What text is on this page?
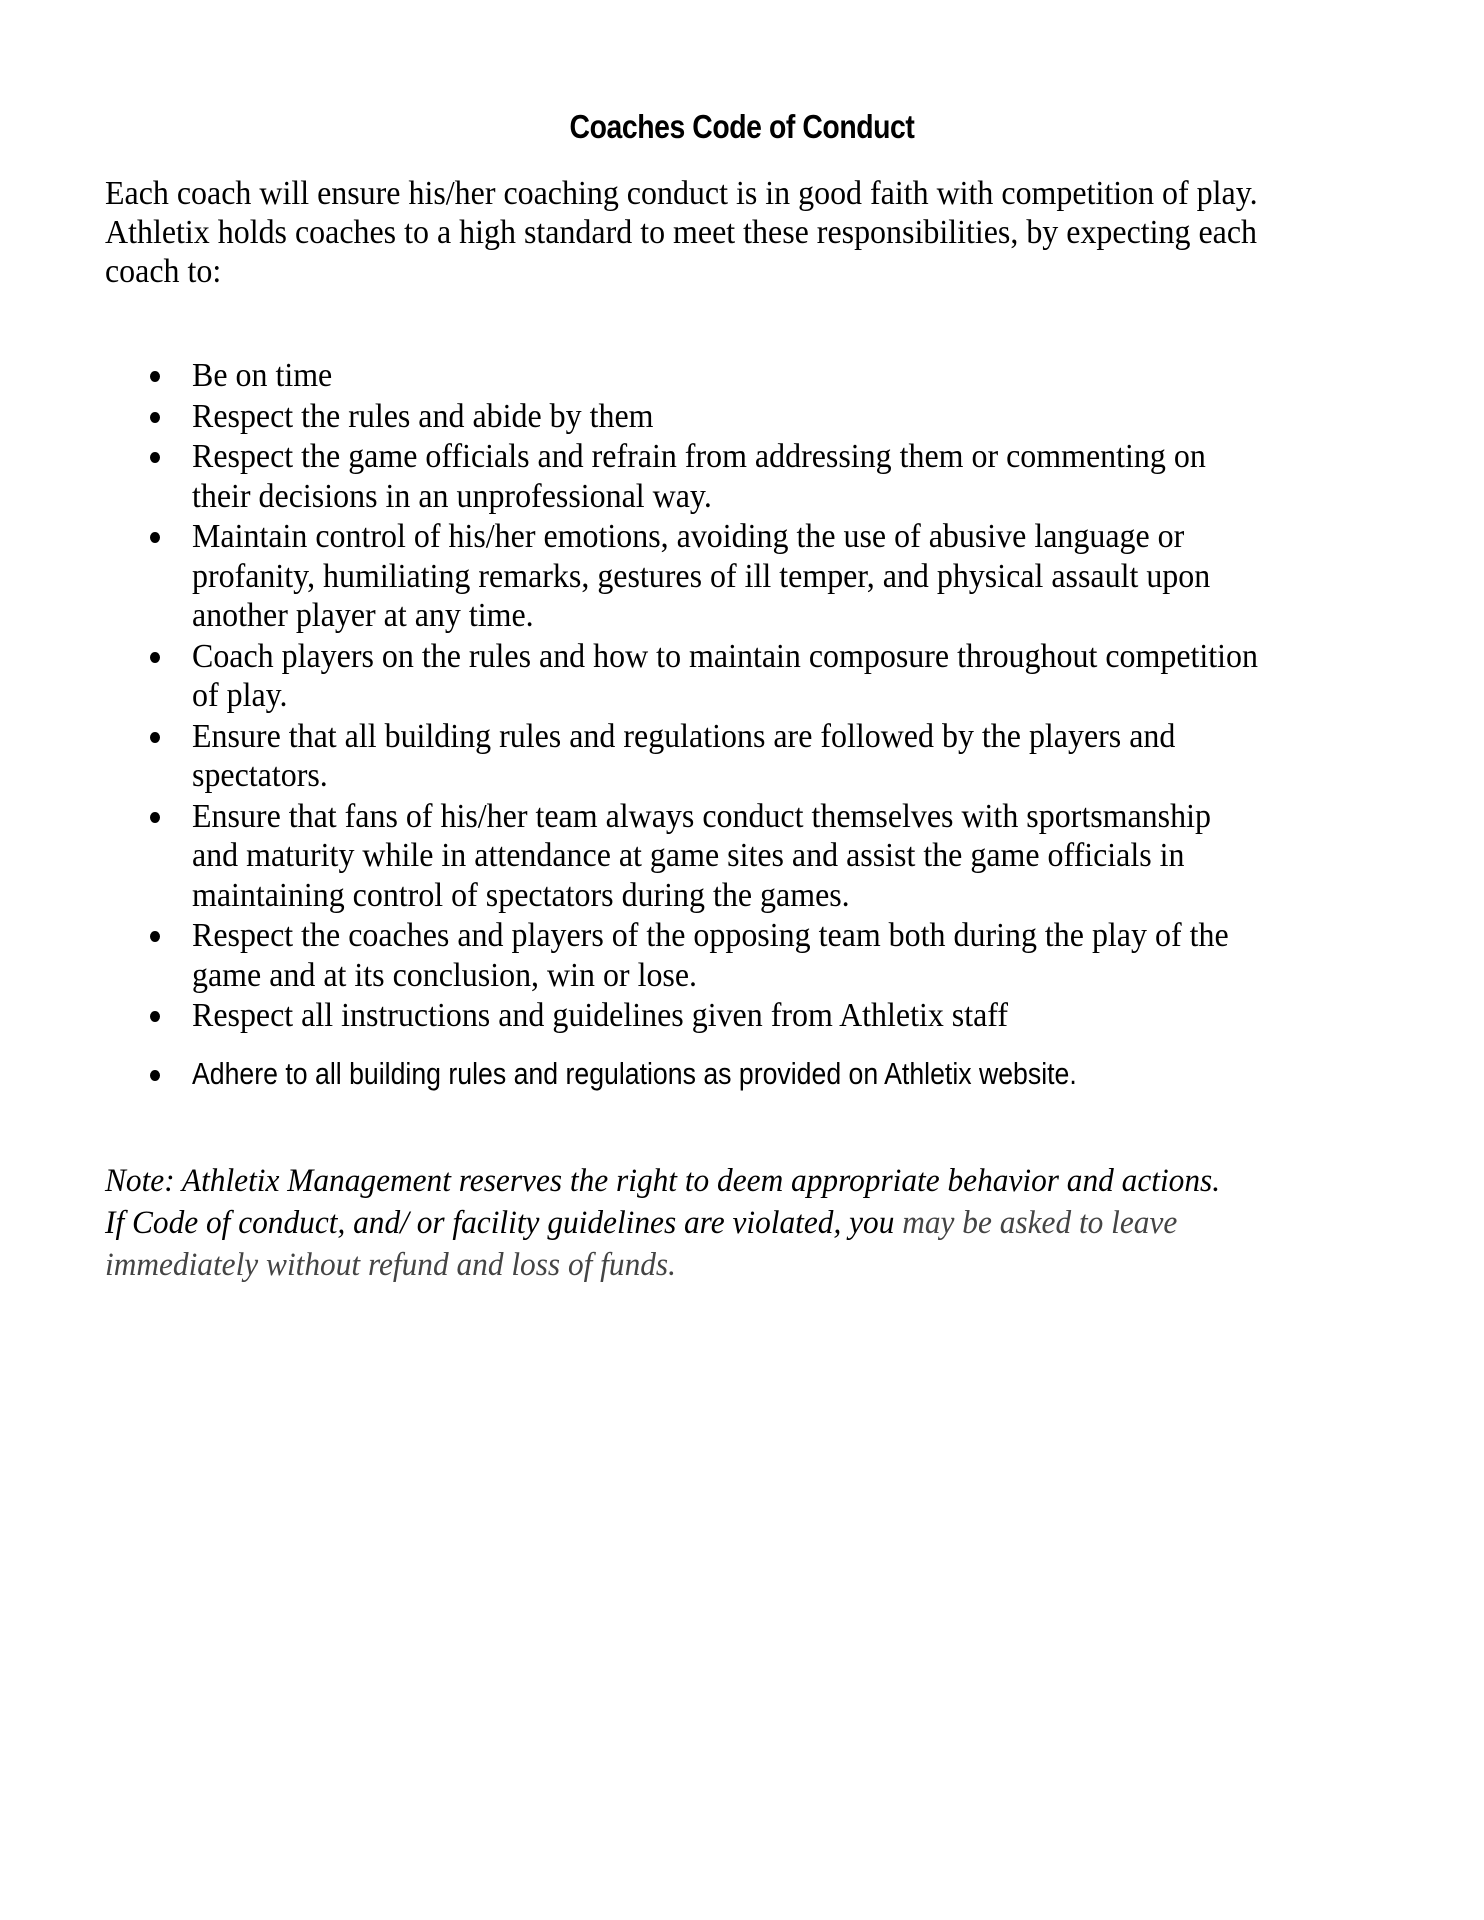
Coaches Code of Conduct
Each coach will ensure his/her coaching conduct is in good faith with competition of play.
Athletix holds coaches to a high standard to meet these responsibilities, by expecting each
coach to:
Be on time
Respect the rules and abide by them
Respect the game officials and refrain from addressing them or commenting on their decisions in an unprofessional way.
Maintain control of his/her emotions, avoiding the use of abusive language or profanity, humiliating remarks, gestures of ill temper, and physical assault upon another player at any time.
Coach players on the rules and how to maintain composure throughout competition of play.
Ensure that all building rules and regulations are followed by the players and spectators.
Ensure that fans of his/her team always conduct themselves with sportsmanship and maturity while in attendance at game sites and assist the game officials in maintaining control of spectators during the games.
Respect the coaches and players of the opposing team both during the play of the game and at its conclusion, win or lose.
Respect all instructions and guidelines given from Athletix staff
Adhere to all building rules and regulations as provided on Athletix website.
Note: Athletix Management reserves the right to deem appropriate behavior and actions.
If Code of conduct, and/ or facility guidelines are violated, you may be asked to leave
immediately without refund and loss of funds.
